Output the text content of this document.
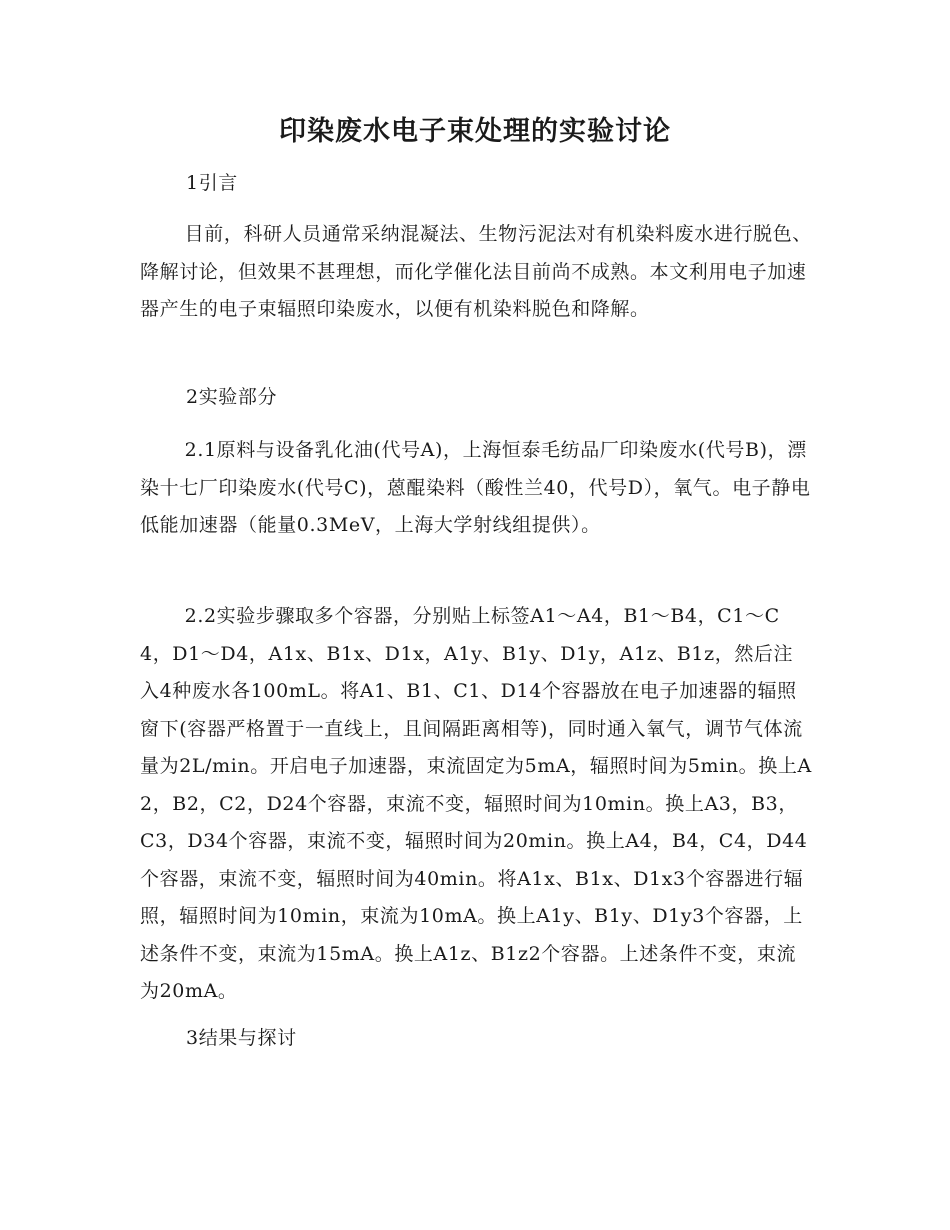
印染废水电子束处理的实验讨论

1引言

目前，科研人员通常采纳混凝法、生物污泥法对有机染料废水进行脱色、降解讨论，但效果不甚理想，而化学催化法目前尚不成熟。本文利用电子加速器产生的电子束辐照印染废水，以便有机染料脱色和降解。

2实验部分

2.1原料与设备乳化油(代号A)，上海恒泰毛纺品厂印染废水(代号B)，漂染十七厂印染废水(代号C)，蒽醌染料（酸性兰40，代号D），氧气。电子静电低能加速器（能量0.3MeV，上海大学射线组提供）。

2.2实验步骤取多个容器，分别贴上标签A1～A4，B1～B4，C1～C4，D1～D4，A1x、B1x、D1x，A1y、B1y、D1y，A1z、B1z，然后注入4种废水各100mL。将A1、B1、C1、D14个容器放在电子加速器的辐照窗下(容器严格置于一直线上，且间隔距离相等)，同时通入氧气，调节气体流量为2L/min。开启电子加速器，束流固定为5mA，辐照时间为5min。换上A2，B2，C2，D24个容器，束流不变，辐照时间为10min。换上A3，B3，C3，D34个容器，束流不变，辐照时间为20min。换上A4，B4，C4，D44个容器，束流不变，辐照时间为40min。将A1x、B1x、D1x3个容器进行辐照，辐照时间为10min，束流为10mA。换上A1y、B1y、D1y3个容器，上述条件不变，束流为15mA。换上A1z、B1z2个容器。上述条件不变，束流为20mA。

3结果与探讨
